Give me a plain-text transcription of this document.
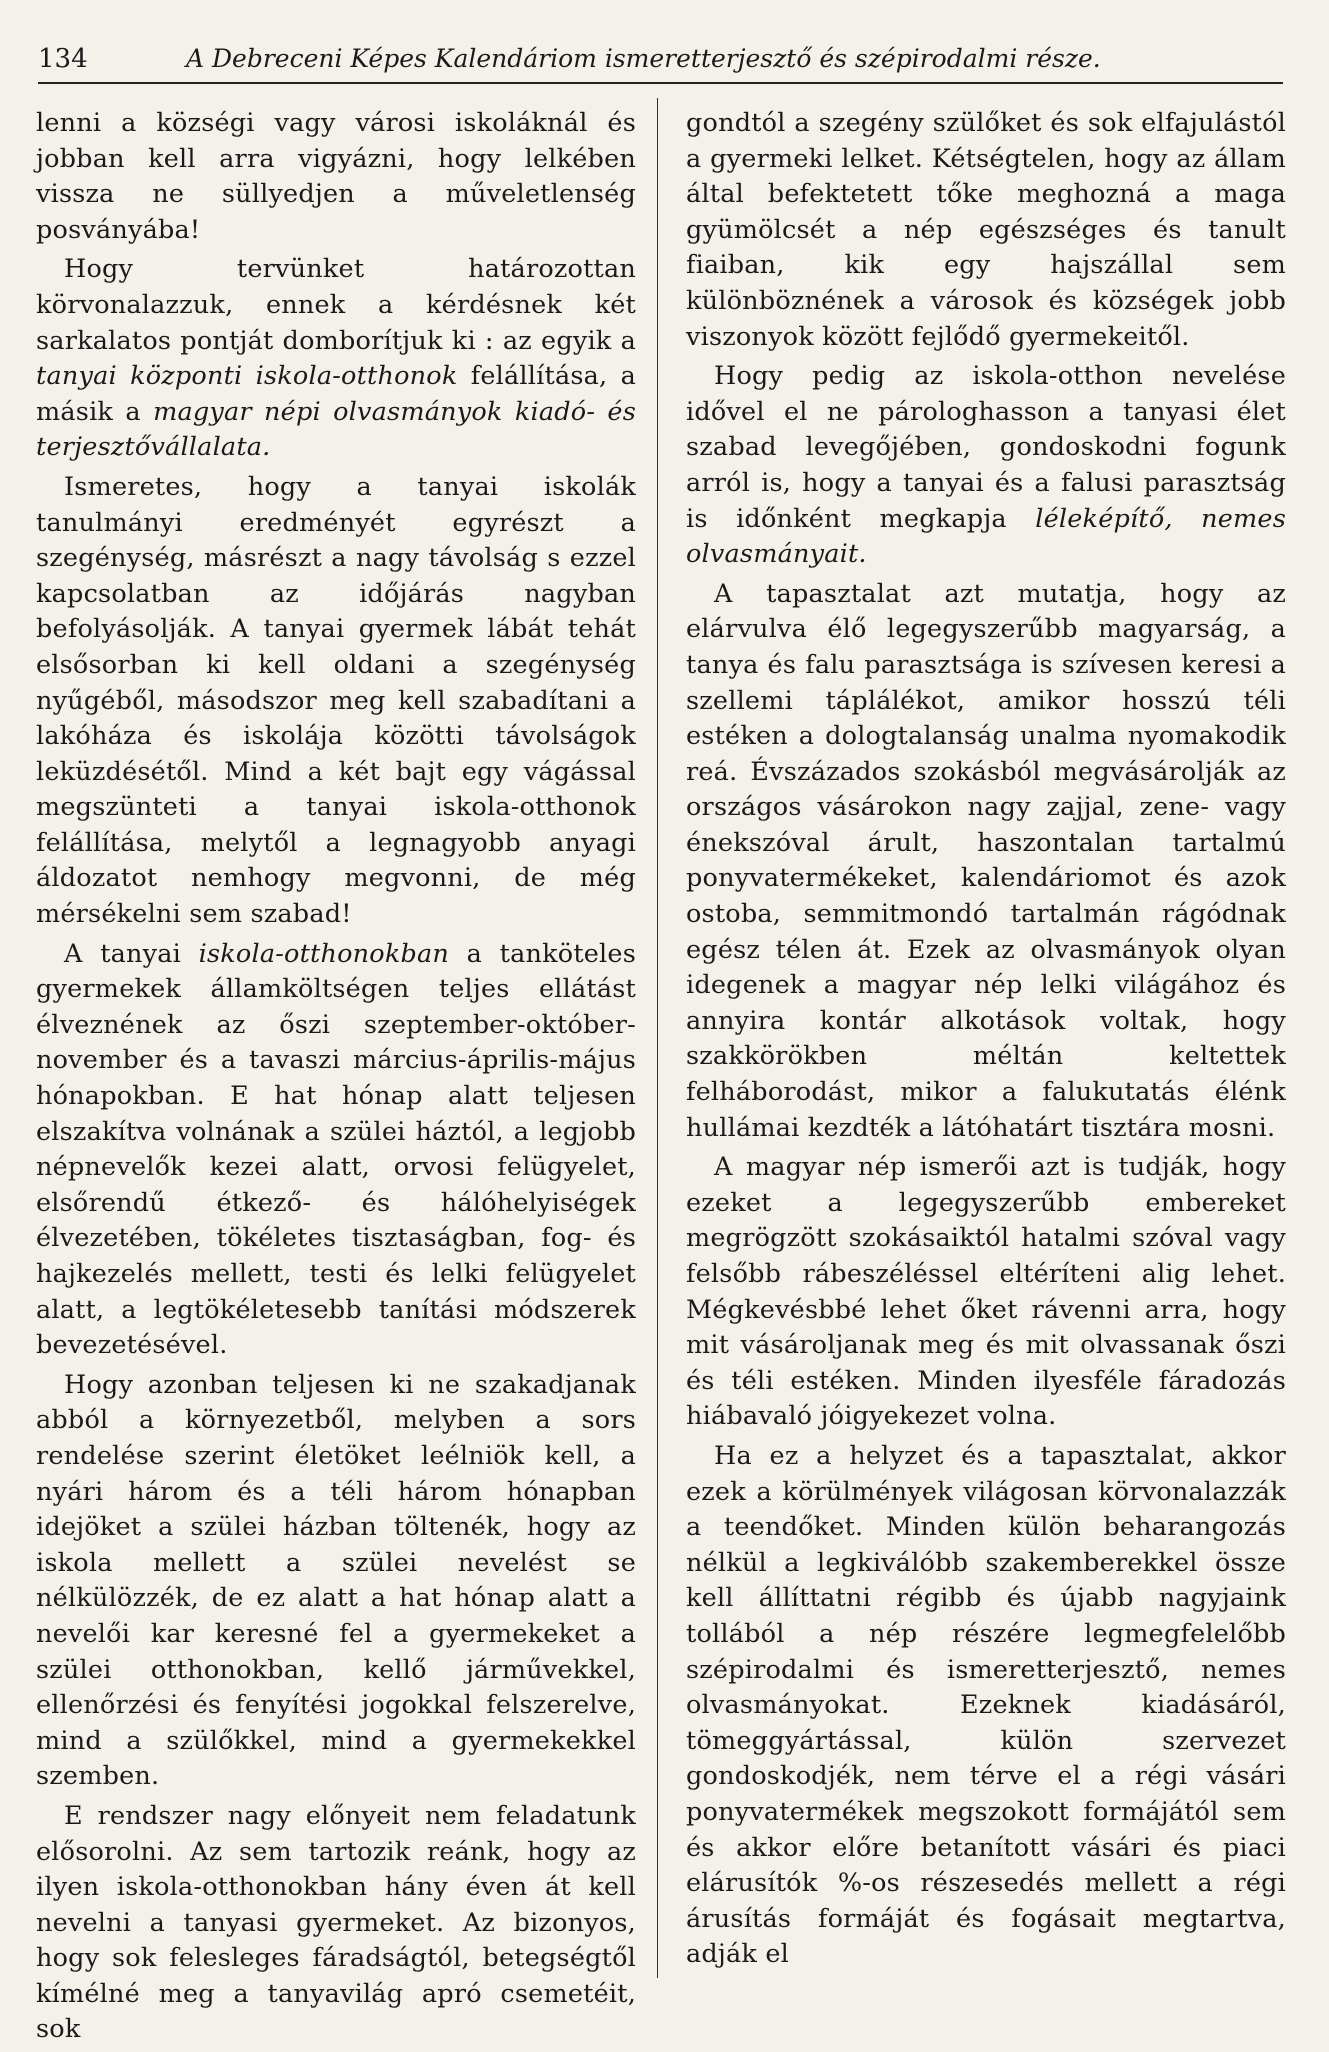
134	A Debreceni Képes Kalendáriom ismeretterjesztő és szépirodalmi része.

lenni a községi vagy városi iskoláknál és jobban kell arra vigyázni, hogy lelkében vissza ne süllyedjen a műveletlenség posványába!

Hogy tervünket határozottan körvonalazzuk, ennek a kérdésnek két sarkalatos pontját domborítjuk ki : az egyik a tanyai központi iskola-otthonok felállítása, a másik a magyar népi olvasmányok kiadó- és terjesztővállalata.

Ismeretes, hogy a tanyai iskolák tanulmányi eredményét egyrészt a szegénység, másrészt a nagy távolság s ezzel kapcsolatban az időjárás nagyban befolyásolják. A tanyai gyermek lábát tehát elsősorban ki kell oldani a szegénység nyűgéből, másodszor meg kell szabadítani a lakóháza és iskolája közötti távolságok leküzdésétől. Mind a két bajt egy vágással megszünteti a tanyai iskola-otthonok felállítása, melytől a legnagyobb anyagi áldozatot nemhogy megvonni, de még mérsékelni sem szabad!

A tanyai iskola-otthonokban a tanköteles gyermekek államköltségen teljes ellátást élveznének az őszi szeptember-október-november és a tavaszi március-április-május hónapokban. E hat hónap alatt teljesen elszakítva volnának a szülei háztól, a legjobb népnevelők kezei alatt, orvosi felügyelet, elsőrendű étkező- és hálóhelyiségek élvezetében, tökéletes tisztaságban, fog- és hajkezelés mellett, testi és lelki felügyelet alatt, a legtökéletesebb tanítási módszerek bevezetésével.

Hogy azonban teljesen ki ne szakadjanak abból a környezetből, melyben a sors rendelése szerint életöket leélniök kell, a nyári három és a téli három hónapban idejöket a szülei házban töltenék, hogy az iskola mellett a szülei nevelést se nélkülözzék, de ez alatt a hat hónap alatt a nevelői kar keresné fel a gyermekeket a szülei otthonokban, kellő járművekkel, ellenőrzési és fenyítési jogokkal felszerelve, mind a szülőkkel, mind a gyermekekkel szemben.

E rendszer nagy előnyeit nem feladatunk elősorolni. Az sem tartozik reánk, hogy az ilyen iskola-otthonokban hány éven át kell nevelni a tanyasi gyermeket. Az bizonyos, hogy sok felesleges fáradságtól, betegségtől kímélné meg a tanyavilág apró csemetéit, sok

gondtól a szegény szülőket és sok elfajulástól a gyermeki lelket. Kétségtelen, hogy az állam által befektetett tőke meghozná a maga gyümölcsét a nép egészséges és tanult fiaiban, kik egy hajszállal sem különböznének a városok és községek jobb viszonyok között fejlődő gyermekeitől.

Hogy pedig az iskola-otthon nevelése idővel el ne párologhasson a tanyasi élet szabad levegőjében, gondoskodni fogunk arról is, hogy a tanyai és a falusi parasztság is időnként megkapja léleképítő, nemes olvasmányait.

A tapasztalat azt mutatja, hogy az elárvulva élő legegyszerűbb magyarság, a tanya és falu parasztsága is szívesen keresi a szellemi táplálékot, amikor hosszú téli estéken a dologtalanság unalma nyomakodik reá. Évszázados szokásból megvásárolják az országos vásárokon nagy zajjal, zene- vagy énekszóval árult, haszontalan tartalmú ponyvatermékeket, kalendáriomot és azok ostoba, semmitmondó tartalmán rágódnak egész télen át. Ezek az olvasmányok olyan idegenek a magyar nép lelki világához és annyira kontár alkotások voltak, hogy szakkörökben méltán keltettek felháborodást, mikor a falukutatás élénk hullámai kezdték a látóhatárt tisztára mosni.

A magyar nép ismerői azt is tudják, hogy ezeket a legegyszerűbb embereket megrögzött szokásaiktól hatalmi szóval vagy felsőbb rábeszéléssel eltéríteni alig lehet. Mégkevésbbé lehet őket rávenni arra, hogy mit vásároljanak meg és mit olvassanak őszi és téli estéken. Minden ilyesféle fáradozás hiábavaló jóigyekezet volna.

Ha ez a helyzet és a tapasztalat, akkor ezek a körülmények világosan körvonalazzák a teendőket. Minden külön beharangozás nélkül a legkiválóbb szakemberekkel össze kell állíttatni régibb és újabb nagyjaink tollából a nép részére legmegfelelőbb szépirodalmi és ismeretterjesztő, nemes olvasmányokat. Ezeknek kiadásáról, tömeggyártással, külön szervezet gondoskodjék, nem térve el a régi vásári ponyvatermékek megszokott formájától sem és akkor előre betanított vásári és piaci elárusítók %-os részesedés mellett a régi árusítás formáját és fogásait megtartva, adják el
